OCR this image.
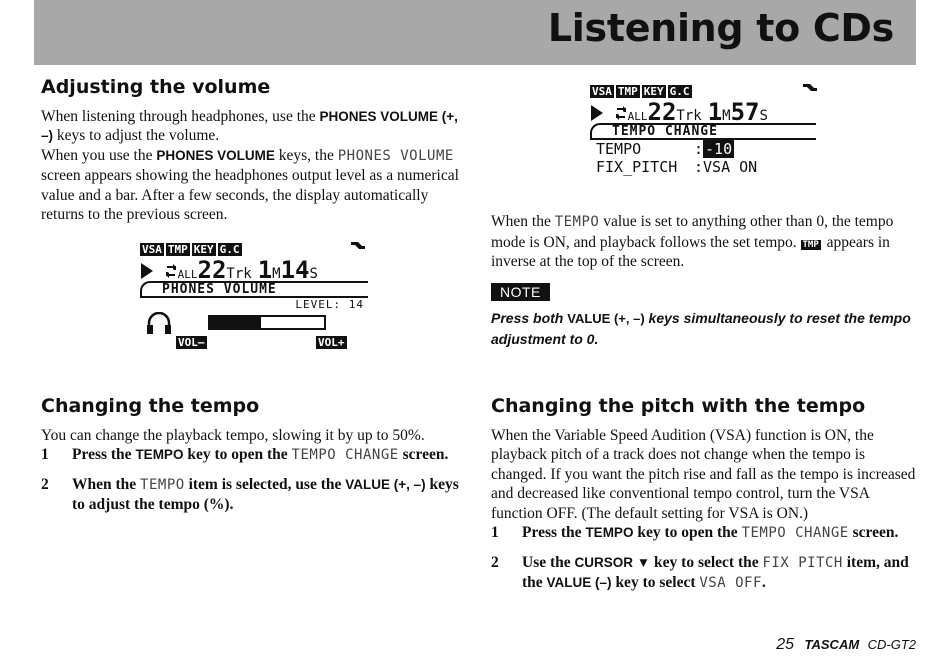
Listening to CDs
Adjusting the volume

When listening through headphones, use the PHONES VOLUME (+, –) keys to adjust the volume.

When you use the PHONES VOLUME keys, the PHONES VOLUME screen appears showing the headphones output level as a numerical value and a bar. After a few seconds, the display automatically returns to the previous screen.

VSA TMP KEY G.C
ALL22Trk 1M14S
PHONES VOLUME
LEVEL: 14
VOL–	VOL+
VSA TMP KEY G.C
ALL22Trk 1M57S
TEMPO CHANGE
TEMPO	: -10
FIX_PITCH :VSA ON

When the TEMPO value is set to anything other than 0, the tempo mode is ON, and playback follows the set tempo. TMP appears in inverse at the top of the screen.

NOTE
Press both VALUE (+, –) keys simultaneously to reset the tempo adjustment to 0.
Changing the tempo

You can change the playback tempo, slowing it by up to 50%.

1 Press the TEMPO key to open the TEMPO CHANGE screen.
2 When the TEMPO item is selected, use the VALUE (+, –) keys to adjust the tempo (%).
Changing the pitch with the tempo

When the Variable Speed Audition (VSA) function is ON, the playback pitch of a track does not change when the tempo is changed. If you want the pitch rise and fall as the tempo is increased and decreased like conventional tempo control, turn the VSA function OFF. (The default setting for VSA is ON.)

1 Press the TEMPO key to open the TEMPO CHANGE screen.
2 Use the CURSOR ▼ key to select the FIX PITCH item, and the VALUE (–) key to select VSA OFF.
25 TASCAM CD-GT2
